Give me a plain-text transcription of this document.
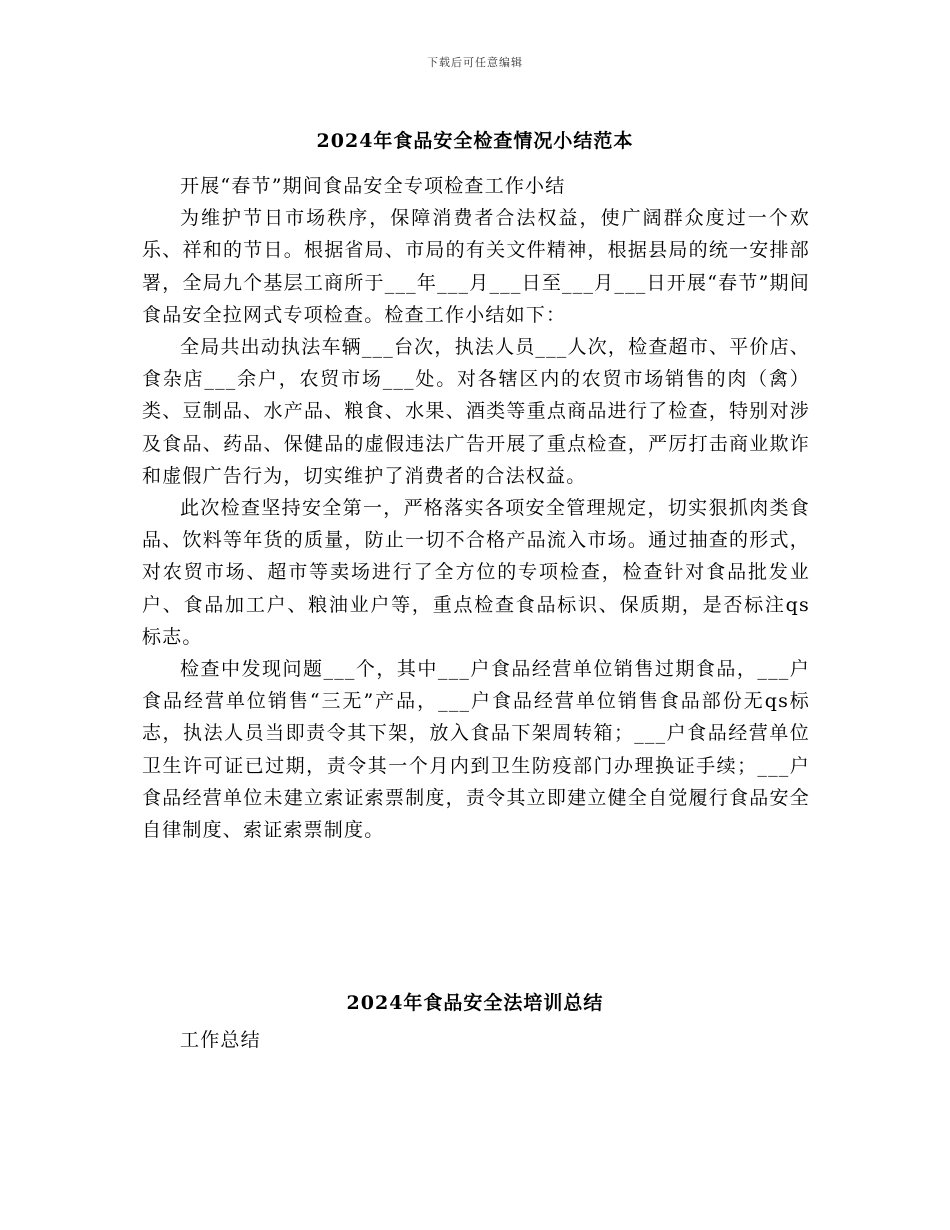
下载后可任意编辑
2024年食品安全检查情况小结范本

开展“春节”期间食品安全专项检查工作小结

为维护节日市场秩序，保障消费者合法权益，使广阔群众度过一个欢乐、祥和的节日。根据省局、市局的有关文件精神，根据县局的统一安排部署，全局九个基层工商所于___年___月___日至___月___日开展“春节”期间食品安全拉网式专项检查。检查工作小结如下：

全局共出动执法车辆___台次，执法人员___人次，检查超市、平价店、食杂店___余户，农贸市场___处。对各辖区内的农贸市场销售的肉（禽）类、豆制品、水产品、粮食、水果、酒类等重点商品进行了检查，特别对涉及食品、药品、保健品的虚假违法广告开展了重点检查，严厉打击商业欺诈和虚假广告行为，切实维护了消费者的合法权益。

此次检查坚持安全第一，严格落实各项安全管理规定，切实狠抓肉类食品、饮料等年货的质量，防止一切不合格产品流入市场。通过抽查的形式，对农贸市场、超市等卖场进行了全方位的专项检查，检查针对食品批发业户、食品加工户、粮油业户等，重点检查食品标识、保质期，是否标注qs标志。

检查中发现问题___个，其中___户食品经营单位销售过期食品，___户食品经营单位销售“三无”产品，___户食品经营单位销售食品部份无qs标志，执法人员当即责令其下架，放入食品下架周转箱；___户食品经营单位卫生许可证已过期，责令其一个月内到卫生防疫部门办理换证手续；___户食品经营单位未建立索证索票制度，责令其立即建立健全自觉履行食品安全自律制度、索证索票制度。

2024年食品安全法培训总结

工作总结
